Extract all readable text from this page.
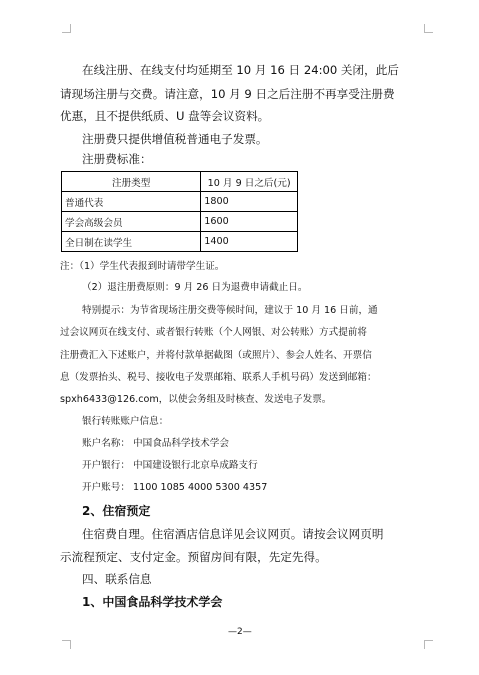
在线注册、在线支付均延期至 10 月 16 日 24:00 关闭，此后
请现场注册与交费。请注意，10 月 9 日之后注册不再享受注册费
优惠，且不提供纸质、U 盘等会议资料。
注册费只提供增值税普通电子发票。
注册费标准：
注册类型	10 月 9 日之后(元)
普通代表	1800
学会高级会员	1600
全日制在读学生	1400
注：（1）学生代表报到时请带学生证。
（2）退注册费原则：9 月 26 日为退费申请截止日。
特别提示：为节省现场注册交费等候时间，建议于 10 月 16 日前，通
过会议网页在线支付、或者银行转账（个人网银、对公转账）方式提前将
注册费汇入下述账户，并将付款单据截图（或照片）、参会人姓名、开票信
息（发票抬头、税号、接收电子发票邮箱、联系人手机号码）发送到邮箱：
spxh6433@126.com，以使会务组及时核查、发送电子发票。
银行转账账户信息：
账户名称： 中国食品科学技术学会
开户银行： 中国建设银行北京阜成路支行
开户账号： 1100 1085 4000 5300 4357
2、住宿预定
住宿费自理。住宿酒店信息详见会议网页。请按会议网页明
示流程预定、支付定金。预留房间有限，先定先得。
四、联系信息
1、中国食品科学技术学会
—2—
